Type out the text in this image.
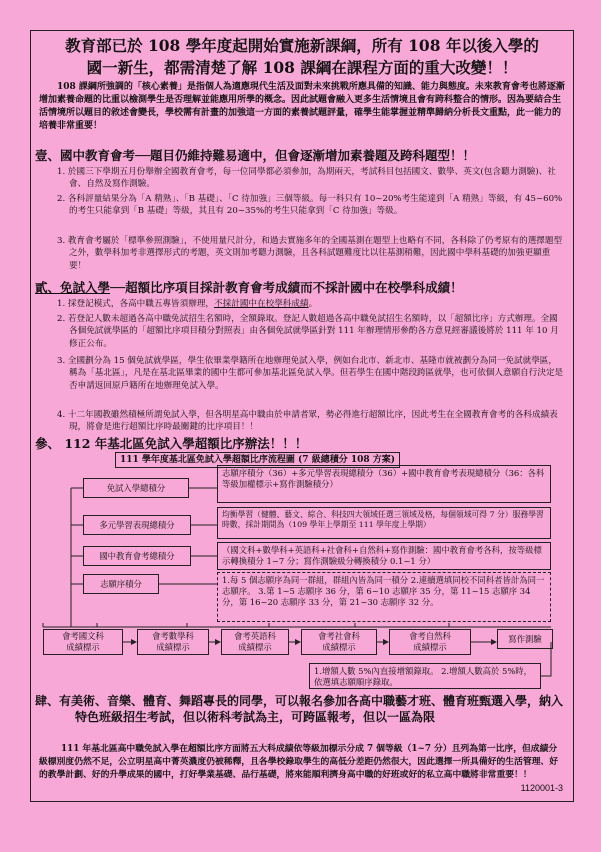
教育部已於 108 學年度起開始實施新課綱，所有 108 年以後入學的
國一新生，都需清楚了解 108 課綱在課程方面的重大改變！！
108 課綱所強調的「核心素養」是指個人為適應現代生活及面對未來挑戰所應具備的知識、能力與態度。未來教育會考也將逐漸增加素養命題的比重以檢測學生是否理解並能應用所學的概念。因此試題會融入更多生活情境且會有跨科整合的情形。因為要結合生活情境所以題目的敘述會變長，學校需有計畫的加強這一方面的素養試題評量，確學生能掌握並精準歸納分析長文重點，此一能力的培養非常重要！
壹、國中教育會考──題目仍維持難易適中，但會逐漸增加素養題及跨科題型！！
1. 於國三下學期五月份舉辦全國教育會考，每一位同學都必須參加，為期兩天，考試科目包括國文、數學、英文(包含聽力測驗)、社會、自然及寫作測驗。
2. 各科評量結果分為「A 精熟」、「B 基礎」、「C 待加強」三個等級。每一科只有 10~20%考生能達到「A 精熟」等級，有 45~60%的考生只能拿到「B 基礎」等級，其且有 20~35%的考生只能拿到「C 待加強」等級。
3. 教育會考屬於「標準參照測驗」，不使用量尺計分，和過去實施多年的全國基測在題型上也略有不同，各科除了仍考原有的選擇題型之外，數學科加考非選擇形式的考題，英文則加考聽力測驗，且各科試題難度比以往基測稍難，因此國中學科基礎的加強更顯重要！
貳、免試入學──超額比序項目採計教育會考成績而不採計國中在校學科成績！
1. 採登記模式，各高中職五專皆須辦理，不採計國中在校學科成績。
2. 若登記人數未超過各高中職免試招生名額時，全額錄取。登記人數超過各高中職免試招生名額時，以「超額比序」方式辦理。全國各個免試就學區的「超額比序項目積分對照表」由各個免試就學區針對 111 年辦理情形參酌各方意見經審議後將於 111 年 10 月修正公布。
3. 全國劃分為 15 個免試就學區，學生依畢業學籍所在地辦理免試入學，例如台北市、新北市、基隆市就被劃分為同一免試就學區，稱為「基北區」，凡是在基北區畢業的國中生都可參加基北區免試入學。但若學生在國中階段跨區就學，也可依個人意願自行決定是否申請返回原戶籍所在地辦理免試入學。
4. 十二年國教雖然積極所謂免試入學，但各明星高中職由於申請者眾，勢必得進行超額比序，因此考生在全國教育會考的各科成績表現，將會是進行超額比序時最關鍵的比序項目！！
參、 112 年基北區免試入學超額比序辦法！！！
111 學年度基北區免試入學超額比序流程圖 (7 級總積分 108 方案)
免試入學總積分
志願序積分（36）+多元學習表現總積分（36）+國中教育會考表現總積分（36：各科等級加權標示+寫作測驗積分）
多元學習表現總積分
均衡學習（健體、藝文、綜合、科技四大領域任選三領域及格，每個領域可得 7 分）服務學習時數，採計期間為（109 學年上學期至 111 學年度上學期）
國中教育會考總積分
（國文科+數學科+英語科+社會科+自然科+寫作測驗：國中教育會考各科，按等級標示轉換積分 1~7 分；寫作測驗級分轉換積分 0.1~1 分）
志願序積分	1.每 5 個志願序為同一群組，群組內皆為同一積分 2.連續選填同校不同科者皆計為同一志願序。 3.第 1~5 志願序 36 分，第 6~10 志願序 35 分，第 11~15 志願序 34 分，第 16~20 志願序 33 分，第 21~30 志願序 32 分。
會考國文科
成績標示
會考數學科
成績標示
會考英語科
成績標示
會考社會科
成績標示
會考自然科
成績標示
寫作測驗
1.增額人數 5%內直接增額錄取。 2.增額人數高於 5%時，依選填志願順序錄取。
肆、有美術、音樂、體育、舞蹈專長的同學，可以報名參加各高中職藝才班、體育班甄選入學，納入特色班級招生考試，但以術科考試為主，可跨區報考，但以一區為限
111 年基北區高中職免試入學在超額比序方面將五大科成績依等級加標示分成 7 個等級（1~7 分）且列為第一比序，但成績分級標別度仍然不足，公立明星高中菁英濃度仍被稀釋，且各學校錄取學生的高低分差距仍然很大，因此選擇一所具備好的生活管理、好的教學計劃、好的升學成果的國中，打好學業基礎、品行基礎，將來能順利擠身高中職的好班或好的私立高中職將非常重要！！
1120001-3
